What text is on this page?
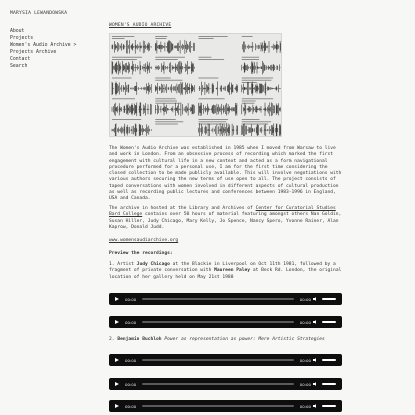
MARYSIA LEWANDOWSKA
About
Projects
Women's Audio Archive >
Projects Archive
Contact
Search
WOMEN'S AUDIO ARCHIVE
The Women's Audio Archive was established in 1985 when I moved from Warsaw to live and work in London. From an obsessive process of recording which marked the first engagement with cultural life in a new context and acted as a form navigational procedure performed for a personal use, I am for the first time considering the closed collection to be made publicly available. This will involve negotiations with various authors securing the new terms of use open to all. The project consists of taped conversations with women involved in different aspects of cultural production as well as recording public lectures and conferences between 1983-1996 in England, USA and Canada.
The archive in hosted at the Library and Archives of Center for Curatorial Studies Bard College contains over 50 hours of material featuring amongst others Nan Goldin, Susan Hiller, Judy Chicago, Mary Kelly, Jo Spence, Nancy Spero, Yvonne Rainer, Alan Kaprow, Donald Judd.
www.womensaudiarchive.org
Preview the recordings:
1. Artist Judy Chicago at the Blackie in Liverpool on Oct 11th 1981, followed by a fragment of private conversation with Maureen Paley at Beck Rd. London, the original location of her gallery held on May 21st 1988
00:00	00:00
00:00	00:00
2. Benjamin Buchloh Power as representation as power: Mere Artistic Strategies
00:00	00:00
00:00	00:00
00:00	00:00
